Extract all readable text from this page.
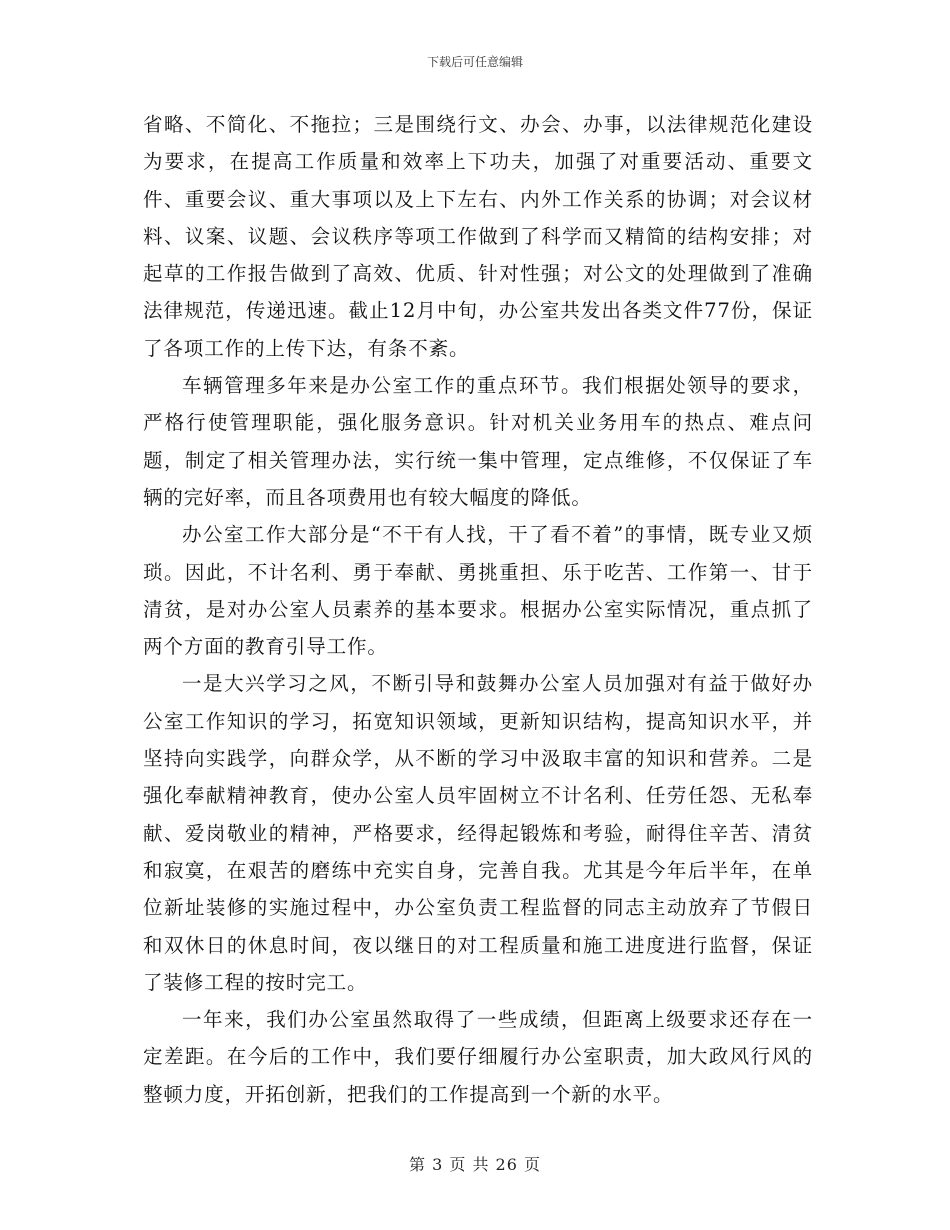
下载后可任意编辑

省略、不简化、不拖拉；三是围绕行文、办会、办事，以法律规范化建设为要求，在提高工作质量和效率上下功夫，加强了对重要活动、重要文件、重要会议、重大事项以及上下左右、内外工作关系的协调；对会议材料、议案、议题、会议秩序等项工作做到了科学而又精简的结构安排；对起草的工作报告做到了高效、优质、针对性强；对公文的处理做到了准确法律规范，传递迅速。截止12月中旬，办公室共发出各类文件77份，保证了各项工作的上传下达，有条不紊。

车辆管理多年来是办公室工作的重点环节。我们根据处领导的要求，严格行使管理职能，强化服务意识。针对机关业务用车的热点、难点问题，制定了相关管理办法，实行统一集中管理，定点维修，不仅保证了车辆的完好率，而且各项费用也有较大幅度的降低。

办公室工作大部分是“不干有人找，干了看不着”的事情，既专业又烦琐。因此，不计名利、勇于奉献、勇挑重担、乐于吃苦、工作第一、甘于清贫，是对办公室人员素养的基本要求。根据办公室实际情况，重点抓了两个方面的教育引导工作。

一是大兴学习之风，不断引导和鼓舞办公室人员加强对有益于做好办公室工作知识的学习，拓宽知识领域，更新知识结构，提高知识水平，并坚持向实践学，向群众学，从不断的学习中汲取丰富的知识和营养。二是强化奉献精神教育，使办公室人员牢固树立不计名利、任劳任怨、无私奉献、爱岗敬业的精神，严格要求，经得起锻炼和考验，耐得住辛苦、清贫和寂寞，在艰苦的磨练中充实自身，完善自我。尤其是今年后半年，在单位新址装修的实施过程中，办公室负责工程监督的同志主动放弃了节假日和双休日的休息时间，夜以继日的对工程质量和施工进度进行监督，保证了装修工程的按时完工。

一年来，我们办公室虽然取得了一些成绩，但距离上级要求还存在一定差距。在今后的工作中，我们要仔细履行办公室职责，加大政风行风的整顿力度，开拓创新，把我们的工作提高到一个新的水平。

第 3 页 共 26 页
